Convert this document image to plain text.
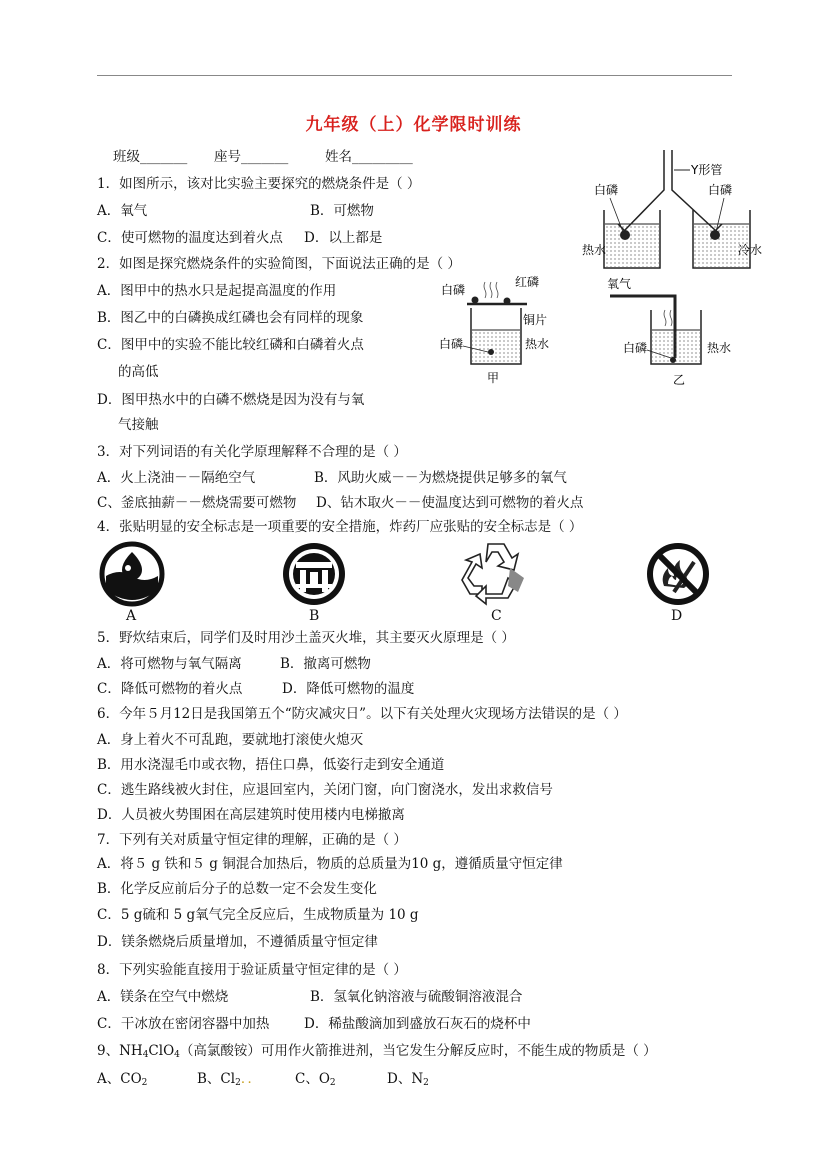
九年级（上）化学限时训练
班级_______ 座号_______	姓名_________
1．如图所示，该对比实验主要探究的燃烧条件是（ ）
A．氧气	B．可燃物
C．使可燃物的温度达到着火点 D．以上都是
Y形管
白磷	白磷
热水	冷水
2．如图是探究燃烧条件的实验简图，下面说法正确的是（ ）
A．图甲中的热水只是起提高温度的作用
B．图乙中的白磷换成红磷也会有同样的现象
C．图甲中的实验不能比较红磷和白磷着火点
的高低
D．图甲热水中的白磷不燃烧是因为没有与氧
气接触
白磷
红磷
铜片
白磷	热水
甲
氧气
白磷	热水
乙
3．对下列词语的有关化学原理解释不合理的是（ ）
A．火上浇油－－隔绝空气	B．风助火威－－为燃烧提供足够多的氧气
C、釜底抽薪－－燃烧需要可燃物 D、钻木取火－－使温度达到可燃物的着火点
4．张贴明显的安全标志是一项重要的安全措施，炸药厂应张贴的安全标志是（ ）
A	B	C	D
5．野炊结束后，同学们及时用沙土盖灭火堆，其主要灭火原理是（ ）
A．将可燃物与氧气隔离	B．撤离可燃物
C．降低可燃物的着火点	D．降低可燃物的温度
6．今年５月12日是我国第五个“防灾减灾日”。以下有关处理火灾现场方法错误的是（ ）
A．身上着火不可乱跑，要就地打滚使火熄灭
B．用水浇湿毛巾或衣物，捂住口鼻，低姿行走到安全通道
C．逃生路线被火封住，应退回室内，关闭门窗，向门窗浇水，发出求救信号
D．人员被火势围困在高层建筑时使用楼内电梯撤离
7．下列有关对质量守恒定律的理解，正确的是（ ）
A．将５ g 铁和５ g 铜混合加热后，物质的总质量为10 g，遵循质量守恒定律
B．化学反应前后分子的总数一定不会发生变化
C．5 g硫和 5 g氧气完全反应后，生成物质量为 10 g
D．镁条燃烧后质量增加，不遵循质量守恒定律
8．下列实验能直接用于验证质量守恒定律的是（ ）
A．镁条在空气中燃烧	B．氢氧化钠溶液与硫酸铜溶液混合
C．干冰放在密闭容器中加热	D．稀盐酸滴加到盛放石灰石的烧杯中
9、$NH_4ClO_4$（高氯酸铵）可用作火箭推进剂，当它发生分解反应时，不能生成的物质是（ ）
A、$CO_2$	B、$Cl_2$．．	C、$O_2$	D、$N_2$
